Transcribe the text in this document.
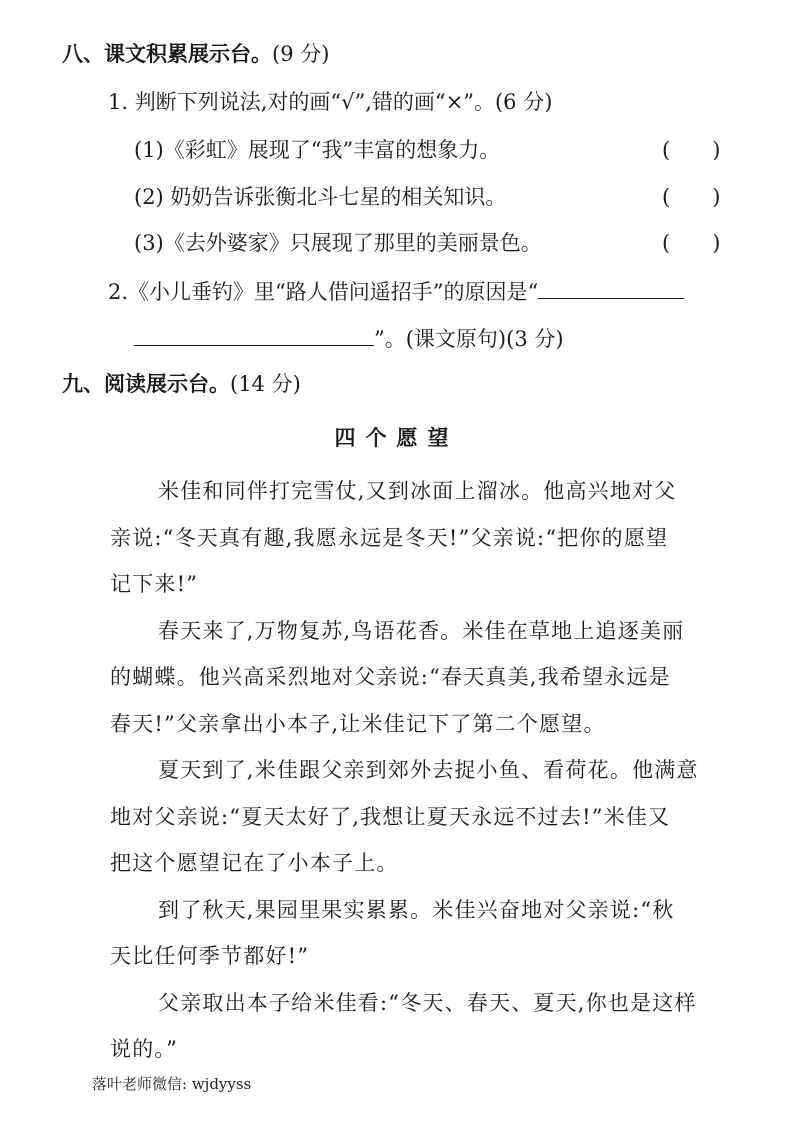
八、课文积累展示台。(9 分)
1. 判断下列说法,对的画“√”,错的画“×”。(6 分)
(1)《彩虹》展现了“我”丰富的想象力。	(　　)
(2) 奶奶告诉张衡北斗七星的相关知识。	(　　)
(3)《去外婆家》只展现了那里的美丽景色。	(　　)
2.《小儿垂钓》里“路人借问遥招手”的原因是“
”。(课文原句)(3 分)
九、阅读展示台。(14 分)
四个愿望
米佳和同伴打完雪仗,又到冰面上溜冰。他高兴地对父
亲说:“冬天真有趣,我愿永远是冬天!”父亲说:“把你的愿望
记下来!”
春天来了,万物复苏,鸟语花香。米佳在草地上追逐美丽
的蝴蝶。他兴高采烈地对父亲说:“春天真美,我希望永远是
春天!”父亲拿出小本子,让米佳记下了第二个愿望。
夏天到了,米佳跟父亲到郊外去捉小鱼、看荷花。他满意
地对父亲说:“夏天太好了,我想让夏天永远不过去!”米佳又
把这个愿望记在了小本子上。
到了秋天,果园里果实累累。米佳兴奋地对父亲说:“秋
天比任何季节都好!”
父亲取出本子给米佳看:“冬天、春天、夏天,你也是这样
说的。”
落叶老师微信: wjdyyss
